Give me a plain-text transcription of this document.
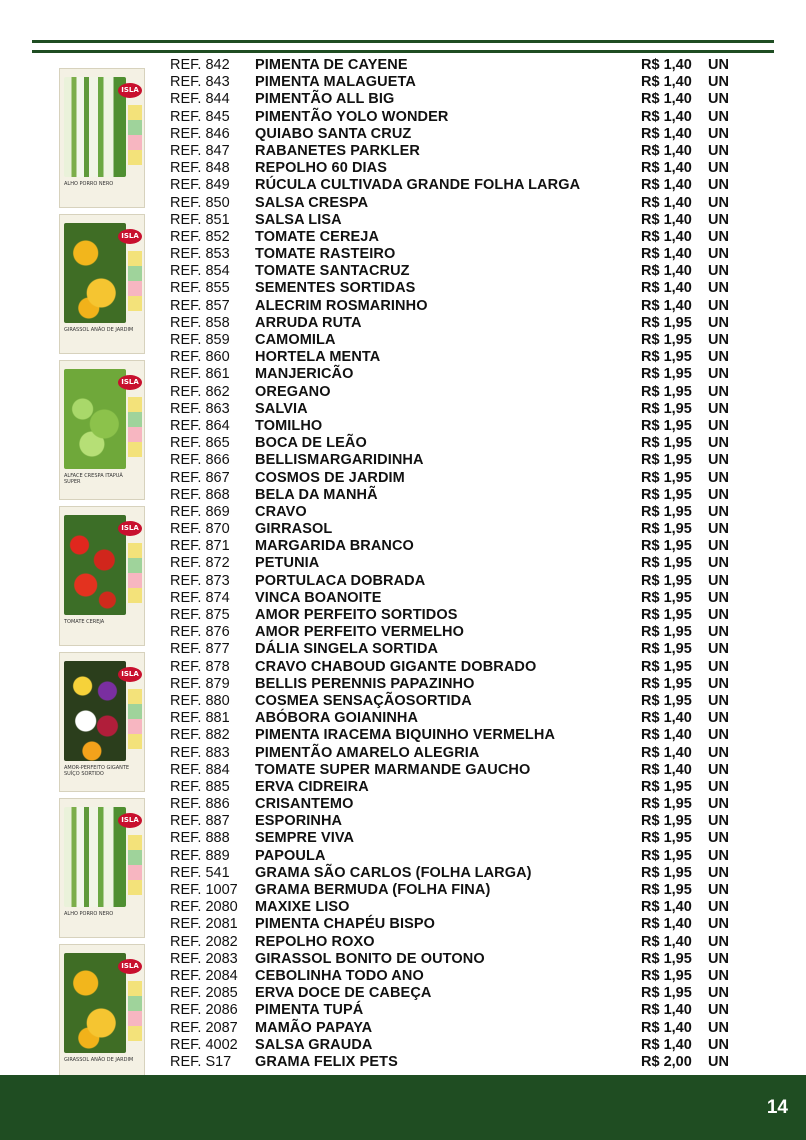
ISLA
ALHO PORRO NERO
ISLA
GIRASSOL ANÃO DE JARDIM
ISLA
ALFACE CRESPA ITAPUÃ SUPER
ISLA
TOMATE CEREJA
ISLA
AMOR-PERFEITO GIGANTE SUÍÇO SORTIDO
ISLA
ALHO PORRO NERO
ISLA
GIRASSOL ANÃO DE JARDIM
REF. 842	PIMENTA DE CAYENE	R$ 1,40 UN
REF. 843	PIMENTA MALAGUETA	R$ 1,40 UN
REF. 844	PIMENTÃO ALL BIG	R$ 1,40 UN
REF. 845	PIMENTÃO YOLO WONDER	R$ 1,40 UN
REF. 846	QUIABO SANTA CRUZ	R$ 1,40 UN
REF. 847	RABANETES PARKLER	R$ 1,40 UN
REF. 848	REPOLHO 60 DIAS	R$ 1,40 UN
REF. 849	RÚCULA CULTIVADA GRANDE FOLHA LARGA	R$ 1,40 UN
REF. 850	SALSA CRESPA	R$ 1,40 UN
REF. 851	SALSA LISA	R$ 1,40 UN
REF. 852	TOMATE CEREJA	R$ 1,40 UN
REF. 853	TOMATE RASTEIRO	R$ 1,40 UN
REF. 854	TOMATE SANTACRUZ	R$ 1,40 UN
REF. 855	SEMENTES SORTIDAS	R$ 1,40 UN
REF. 857	ALECRIM ROSMARINHO	R$ 1,40 UN
REF. 858	ARRUDA RUTA	R$ 1,95 UN
REF. 859	CAMOMILA	R$ 1,95 UN
REF. 860	HORTELA MENTA	R$ 1,95 UN
REF. 861	MANJERICÃO	R$ 1,95 UN
REF. 862	OREGANO	R$ 1,95 UN
REF. 863	SALVIA	R$ 1,95 UN
REF. 864	TOMILHO	R$ 1,95 UN
REF. 865	BOCA DE LEÃO	R$ 1,95 UN
REF. 866	BELLISMARGARIDINHA	R$ 1,95 UN
REF. 867	COSMOS DE JARDIM	R$ 1,95 UN
REF. 868	BELA DA MANHÃ	R$ 1,95 UN
REF. 869	CRAVO	R$ 1,95 UN
REF. 870	GIRRASOL	R$ 1,95 UN
REF. 871	MARGARIDA BRANCO	R$ 1,95 UN
REF. 872	PETUNIA	R$ 1,95 UN
REF. 873	PORTULACA DOBRADA	R$ 1,95 UN
REF. 874	VINCA BOANOITE	R$ 1,95 UN
REF. 875	AMOR PERFEITO SORTIDOS	R$ 1,95 UN
REF. 876	AMOR PERFEITO VERMELHO	R$ 1,95 UN
REF. 877	DÁLIA SINGELA SORTIDA	R$ 1,95 UN
REF. 878	CRAVO CHABOUD GIGANTE DOBRADO	R$ 1,95 UN
REF. 879	BELLIS PERENNIS PAPAZINHO	R$ 1,95 UN
REF. 880	COSMEA SENSAÇÃOSORTIDA	R$ 1,95 UN
REF. 881	ABÓBORA GOIANINHA	R$ 1,40 UN
REF. 882	PIMENTA IRACEMA BIQUINHO VERMELHA	R$ 1,40 UN
REF. 883	PIMENTÃO AMARELO ALEGRIA	R$ 1,40 UN
REF. 884	TOMATE SUPER MARMANDE GAUCHO	R$ 1,40 UN
REF. 885	ERVA CIDREIRA	R$ 1,95 UN
REF. 886	CRISANTEMO	R$ 1,95 UN
REF. 887	ESPORINHA	R$ 1,95 UN
REF. 888	SEMPRE VIVA	R$ 1,95 UN
REF. 889	PAPOULA	R$ 1,95 UN
REF. 541	GRAMA SÃO CARLOS (FOLHA LARGA)	R$ 1,95 UN
REF. 1007	GRAMA BERMUDA (FOLHA FINA)	R$ 1,95 UN
REF. 2080	MAXIXE LISO	R$ 1,40 UN
REF. 2081	PIMENTA CHAPÉU BISPO	R$ 1,40 UN
REF. 2082	REPOLHO ROXO	R$ 1,40 UN
REF. 2083	GIRASSOL BONITO DE OUTONO	R$ 1,95 UN
REF. 2084	CEBOLINHA TODO ANO	R$ 1,95 UN
REF. 2085	ERVA DOCE DE CABEÇA	R$ 1,95 UN
REF. 2086	PIMENTA TUPÁ	R$ 1,40 UN
REF. 2087	MAMÃO PAPAYA	R$ 1,40 UN
REF. 4002	SALSA GRAUDA	R$ 1,40 UN
REF. S17	GRAMA FELIX PETS	R$ 2,00 UN
14
